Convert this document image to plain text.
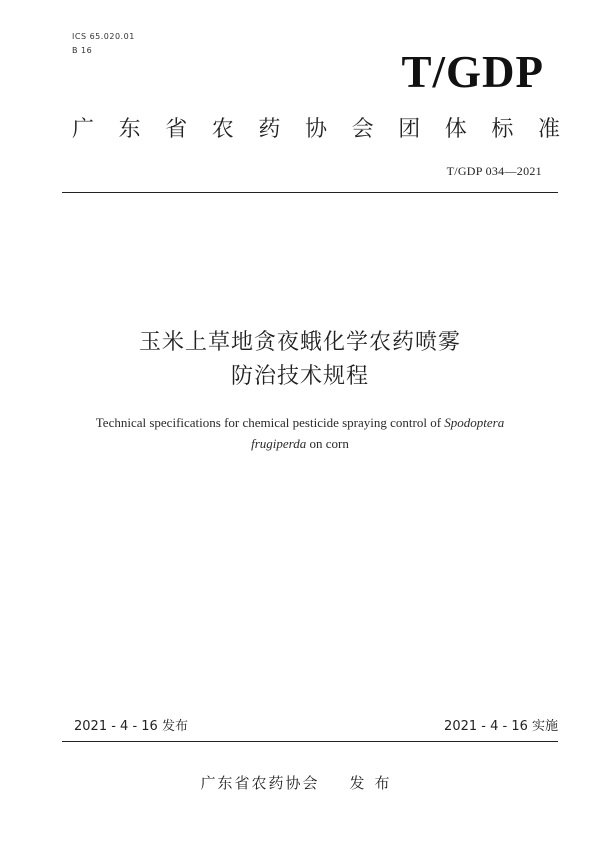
ICS 65.020.01
B 16	T/GDP
广东省农药协会团体标准
T/GDP 034—2021
玉米上草地贪夜蛾化学农药喷雾
防治技术规程
Technical specifications for chemical pesticide spraying control of Spodoptera
frugiperda on corn
2021 - 4 - 16 发布	2021 - 4 - 16 实施
广东省农药协会 发布
